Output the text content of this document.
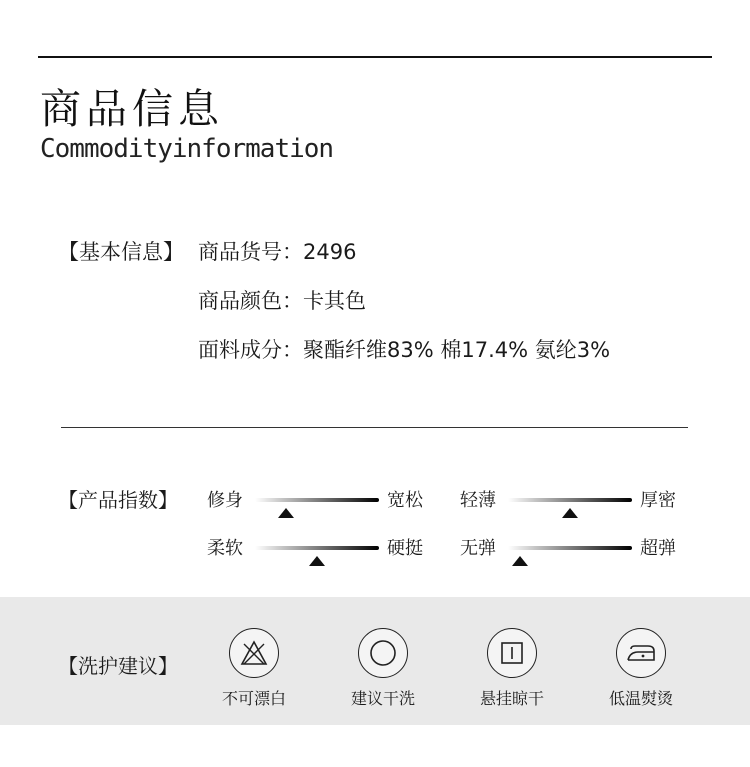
商品信息
Commodityinformation
【基本信息】 商品货号：2496
商品颜色：卡其色
面料成分：聚酯纤维83% 棉17.4% 氨纶3%
【产品指数】 修身	宽松 轻薄	厚密
柔软	硬挺 无弹	超弹
【洗护建议】
不可漂白	建议干洗	悬挂晾干	低温熨烫
